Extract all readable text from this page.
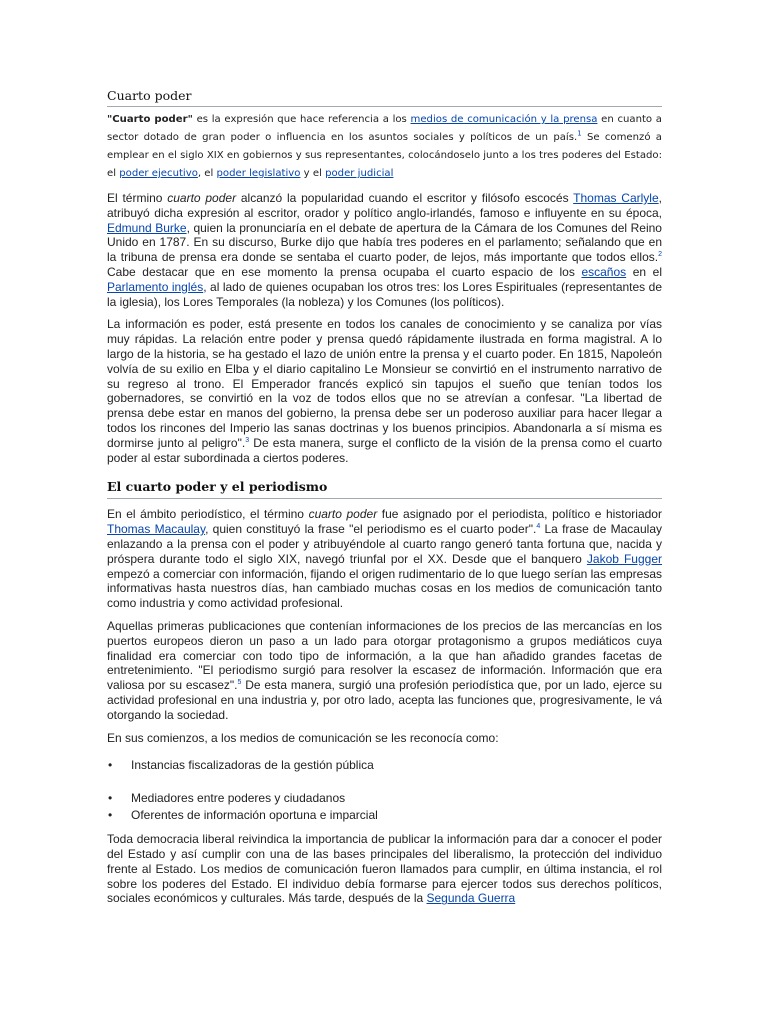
Cuarto poder

"Cuarto poder" es la expresión que hace referencia a los medios de comunicación y la prensa en cuanto a sector dotado de gran poder o influencia en los asuntos sociales y políticos de un país.$^1$ Se comenzó a emplear en el siglo XIX en gobiernos y sus representantes, colocándoselo junto a los tres poderes del Estado: el poder ejecutivo, el poder legislativo y el poder judicial

El término cuarto poder alcanzó la popularidad cuando el escritor y filósofo escocés Thomas Carlyle, atribuyó dicha expresión al escritor, orador y político anglo-irlandés, famoso e influyente en su época, Edmund Burke, quien la pronunciaría en el debate de apertura de la Cámara de los Comunes del Reino Unido en 1787. En su discurso, Burke dijo que había tres poderes en el parlamento; señalando que en la tribuna de prensa era donde se sentaba el cuarto poder, de lejos, más importante que todos ellos.$^2$ Cabe destacar que en ese momento la prensa ocupaba el cuarto espacio de los escaños en el Parlamento inglés, al lado de quienes ocupaban los otros tres: los Lores Espirituales (representantes de la iglesia), los Lores Temporales (la nobleza) y los Comunes (los políticos).

La información es poder, está presente en todos los canales de conocimiento y se canaliza por vías muy rápidas. La relación entre poder y prensa quedó rápidamente ilustrada en forma magistral. A lo largo de la historia, se ha gestado el lazo de unión entre la prensa y el cuarto poder. En 1815, Napoleón volvía de su exilio en Elba y el diario capitalino Le Monsieur se convirtió en el instrumento narrativo de su regreso al trono. El Emperador francés explicó sin tapujos el sueño que tenían todos los gobernadores, se convirtió en la voz de todos ellos que no se atrevían a confesar. "La libertad de prensa debe estar en manos del gobierno, la prensa debe ser un poderoso auxiliar para hacer llegar a todos los rincones del Imperio las sanas doctrinas y los buenos principios. Abandonarla a sí misma es dormirse junto al peligro".$^3$ De esta manera, surge el conflicto de la visión de la prensa como el cuarto poder al estar subordinada a ciertos poderes.

El cuarto poder y el periodismo

En el ámbito periodístico, el término cuarto poder fue asignado por el periodista, político e historiador Thomas Macaulay, quien constituyó la frase "el periodismo es el cuarto poder".$^4$ La frase de Macaulay enlazando a la prensa con el poder y atribuyéndole al cuarto rango generó tanta fortuna que, nacida y próspera durante todo el siglo XIX, navegó triunfal por el XX. Desde que el banquero Jakob Fugger empezó a comerciar con información, fijando el origen rudimentario de lo que luego serían las empresas informativas hasta nuestros días, han cambiado muchas cosas en los medios de comunicación tanto como industria y como actividad profesional.

Aquellas primeras publicaciones que contenían informaciones de los precios de las mercancías en los puertos europeos dieron un paso a un lado para otorgar protagonismo a grupos mediáticos cuya finalidad era comerciar con todo tipo de información, a la que han añadido grandes facetas de entretenimiento. "El periodismo surgió para resolver la escasez de información. Información que era valiosa por su escasez".$^5$ De esta manera, surgió una profesión periodística que, por un lado, ejerce su actividad profesional en una industria y, por otro lado, acepta las funciones que, progresivamente, le vá otorgando la sociedad.

En sus comienzos, a los medios de comunicación se les reconocía como:

• Instancias fiscalizadoras de la gestión pública
• Mediadores entre poderes y ciudadanos
• Oferentes de información oportuna e imparcial

Toda democracia liberal reivindica la importancia de publicar la información para dar a conocer el poder del Estado y así cumplir con una de las bases principales del liberalismo, la protección del individuo frente al Estado. Los medios de comunicación fueron llamados para cumplir, en última instancia, el rol sobre los poderes del Estado. El individuo debía formarse para ejercer todos sus derechos políticos, sociales económicos y culturales. Más tarde, después de la Segunda Guerra
